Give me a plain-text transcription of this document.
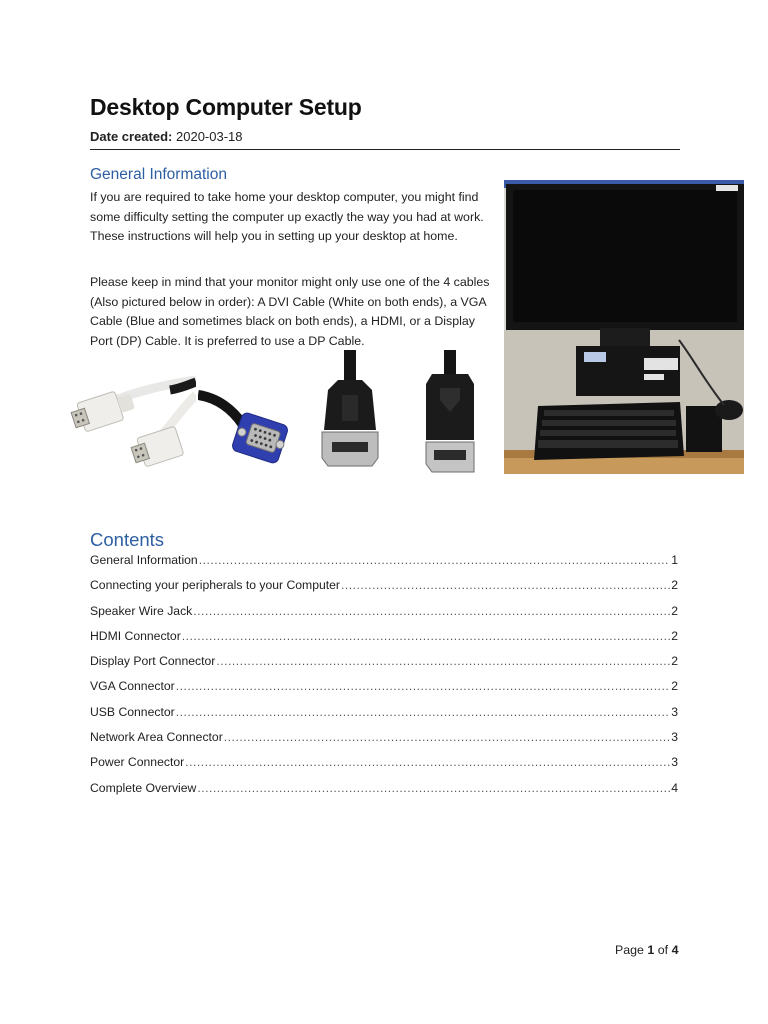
Desktop Computer Setup
Date created: 2020-03-18
General Information
If you are required to take home your desktop computer, you might find some difficulty setting the computer up exactly the way you had at work. These instructions will help you in setting up your desktop at home.
Please keep in mind that your monitor might only use one of the 4 cables (Also pictured below in order): A DVI Cable (White on both ends), a VGA Cable (Blue and sometimes black on both ends), a HDMI, or a Display Port (DP) Cable. It is preferred to use a DP Cable.
Contents
General Information .....	1
Connecting your peripherals to your Computer .....	2
Speaker Wire Jack .....	2
HDMI Connector .....	2
Display Port Connector .....	2
VGA Connector .....	2
USB Connector .....	3
Network Area Connector .....	3
Power Connector .....	3
Complete Overview .....	4
Page 1 of 4
